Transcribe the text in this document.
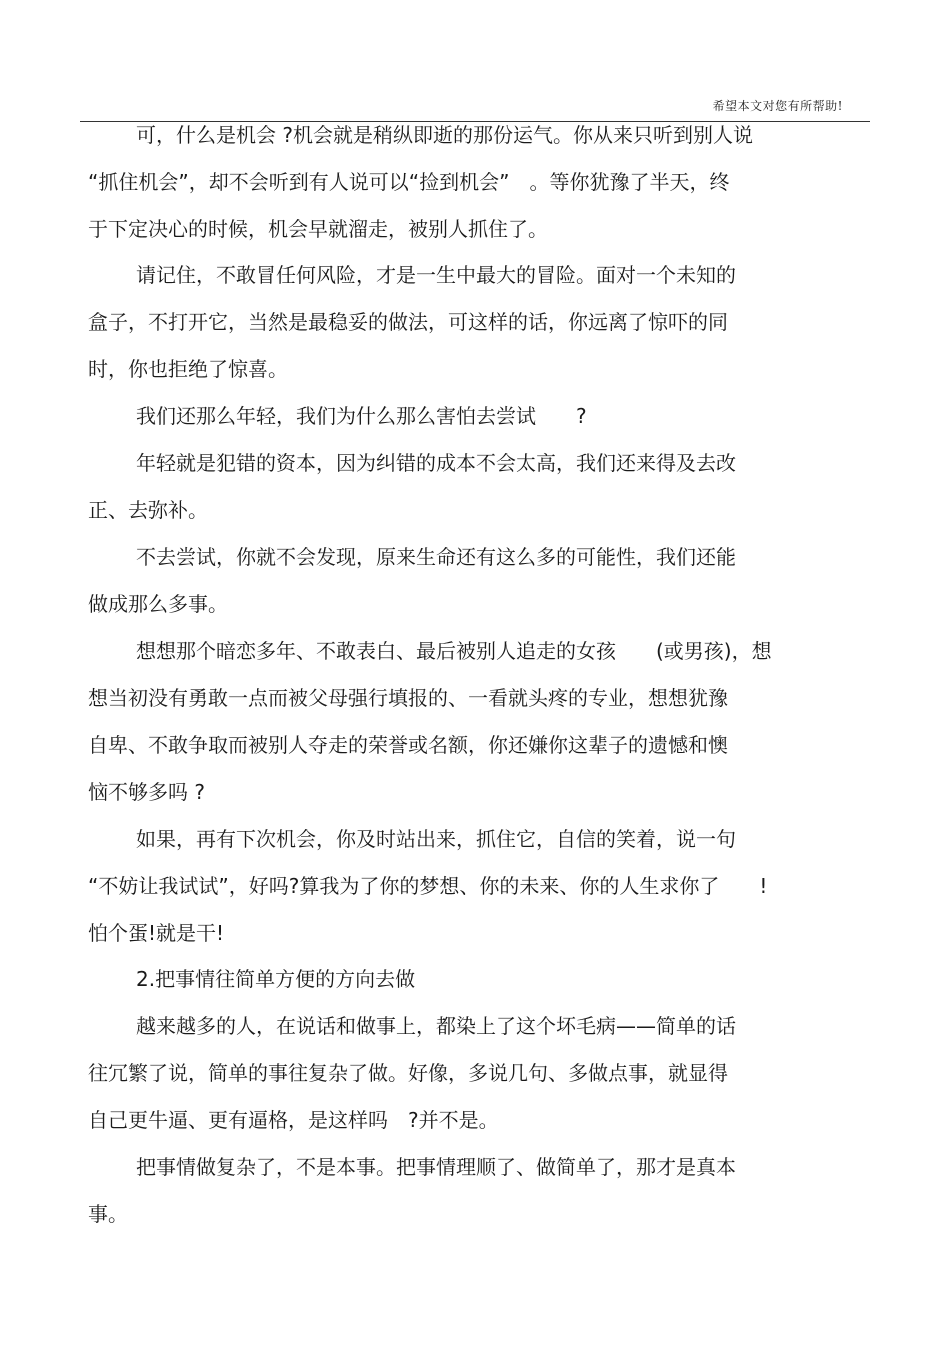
希望本文对您有所帮助!
可，什么是机会 ?机会就是稍纵即逝的那份运气。你从来只听到别人说
“抓住机会”，却不会听到有人说可以“捡到机会”　。等你犹豫了半天，终
于下定决心的时候，机会早就溜走，被别人抓住了。
请记住，不敢冒任何风险，才是一生中最大的冒险。面对一个未知的
盒子，不打开它，当然是最稳妥的做法，可这样的话，你远离了惊吓的同
时，你也拒绝了惊喜。
我们还那么年轻，我们为什么那么害怕去尝试　　?
年轻就是犯错的资本，因为纠错的成本不会太高，我们还来得及去改
正、去弥补。
不去尝试，你就不会发现，原来生命还有这么多的可能性，我们还能
做成那么多事。
想想那个暗恋多年、不敢表白、最后被别人追走的女孩　　(或男孩)，想
想当初没有勇敢一点而被父母强行填报的、一看就头疼的专业，想想犹豫
自卑、不敢争取而被别人夺走的荣誉或名额，你还嫌你这辈子的遗憾和懊
恼不够多吗 ?
如果，再有下次机会，你及时站出来，抓住它，自信的笑着，说一句
“不妨让我试试”，好吗?算我为了你的梦想、你的未来、你的人生求你了　　!
怕个蛋!就是干!
2.把事情往简单方便的方向去做
越来越多的人，在说话和做事上，都染上了这个坏毛病——简单的话
往冗繁了说，简单的事往复杂了做。好像，多说几句、多做点事，就显得
自己更牛逼、更有逼格，是这样吗　?并不是。
把事情做复杂了，不是本事。把事情理顺了、做简单了，那才是真本
事。
